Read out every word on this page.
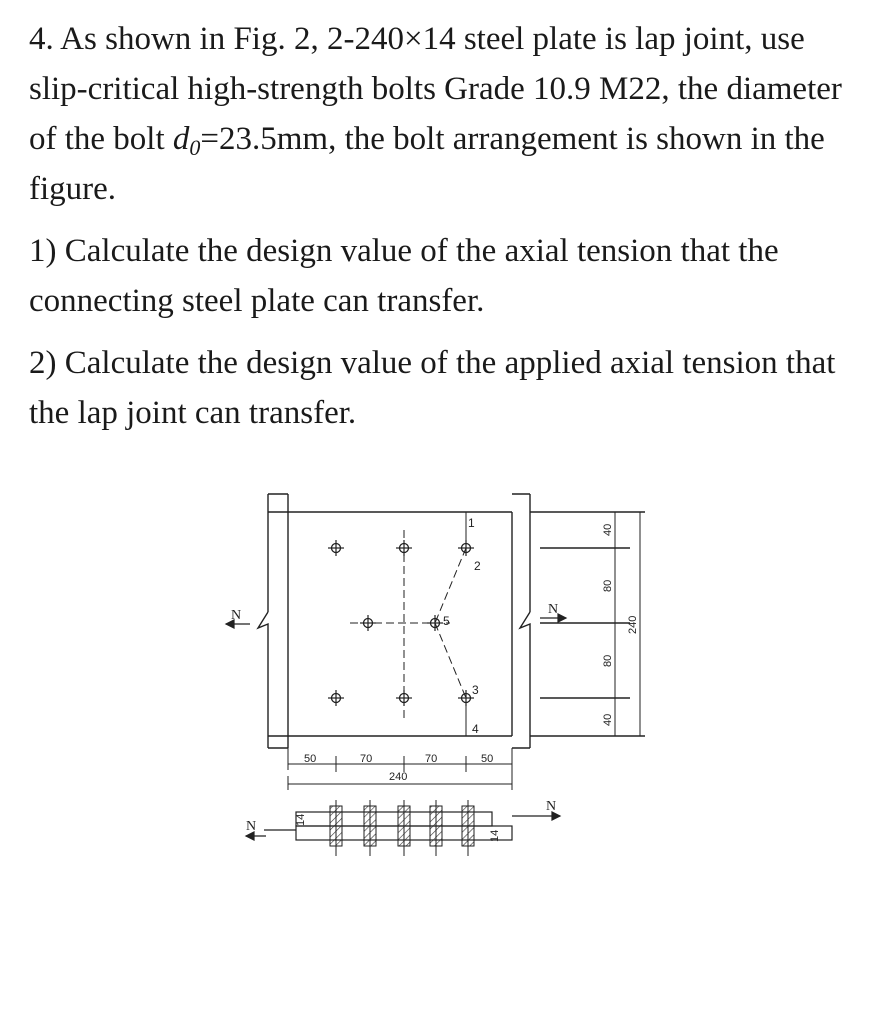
4. As shown in Fig. 2, 2-240×14 steel plate is lap joint, use slip-critical high-strength bolts Grade 10.9 M22, the diameter of the bolt $d_0=23.5mm$, the bolt arrangement is shown in the figure.

1) Calculate the design value of the axial tension that the connecting steel plate can transfer.

2) Calculate the design value of the applied axial tension that the lap joint can transfer.

1
2
3
4
5
N	N
50	70	70	50
240
40
80
80
40
240
N
N
14
14
